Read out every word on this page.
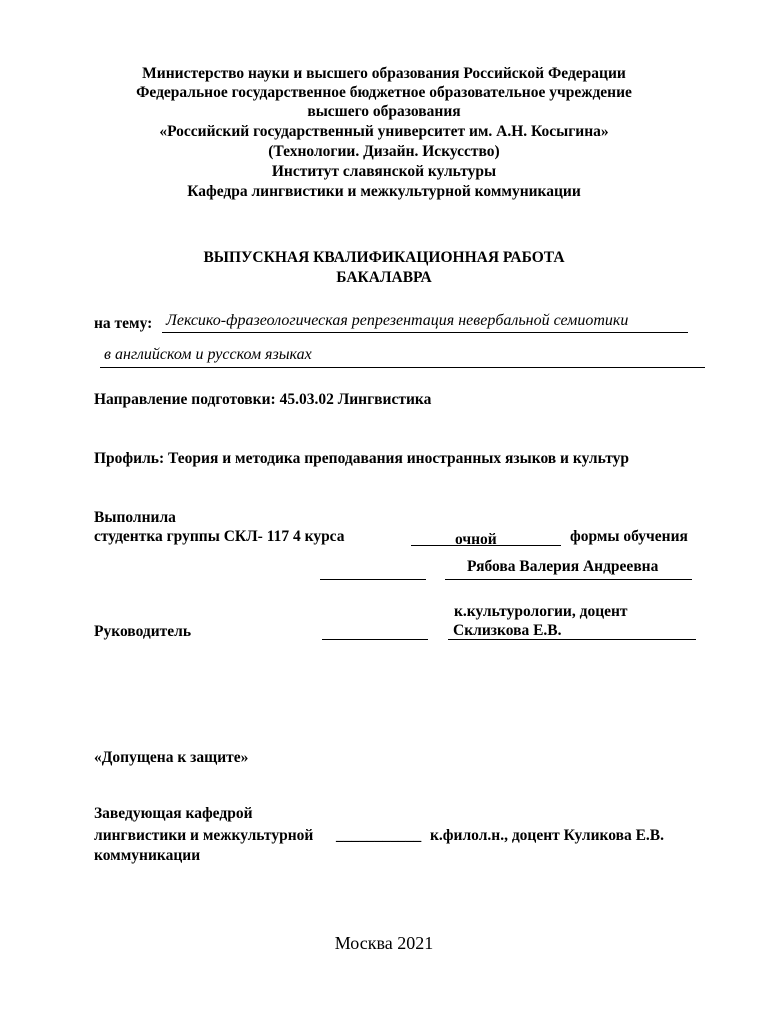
Министерство науки и высшего образования Российской Федерации
Федеральное государственное бюджетное образовательное учреждение
высшего образования
«Российский государственный университет им. А.Н. Косыгина»
(Технологии. Дизайн. Искусство)
Институт славянской культуры
Кафедра лингвистики и межкультурной коммуникации
ВЫПУСКНАЯ КВАЛИФИКАЦИОННАЯ РАБОТА
БАКАЛАВРА
на тему: Лексико-фразеологическая репрезентация невербальной семиотики
в английском и русском языках
Направление подготовки: 45.03.02 Лингвистика
Профиль: Теория и методика преподавания иностранных языков и культур
Выполнила
студентка группы СКЛ- 117 4 курса	очной	формы обучения
Рябова Валерия Андреевна
к.культурологии, доцент
Руководитель	Склизкова Е.В.
«Допущена к защите»
Заведующая кафедрой
лингвистики и межкультурной ___________ к.филол.н., доцент Куликова Е.В.
коммуникации
Москва 2021
